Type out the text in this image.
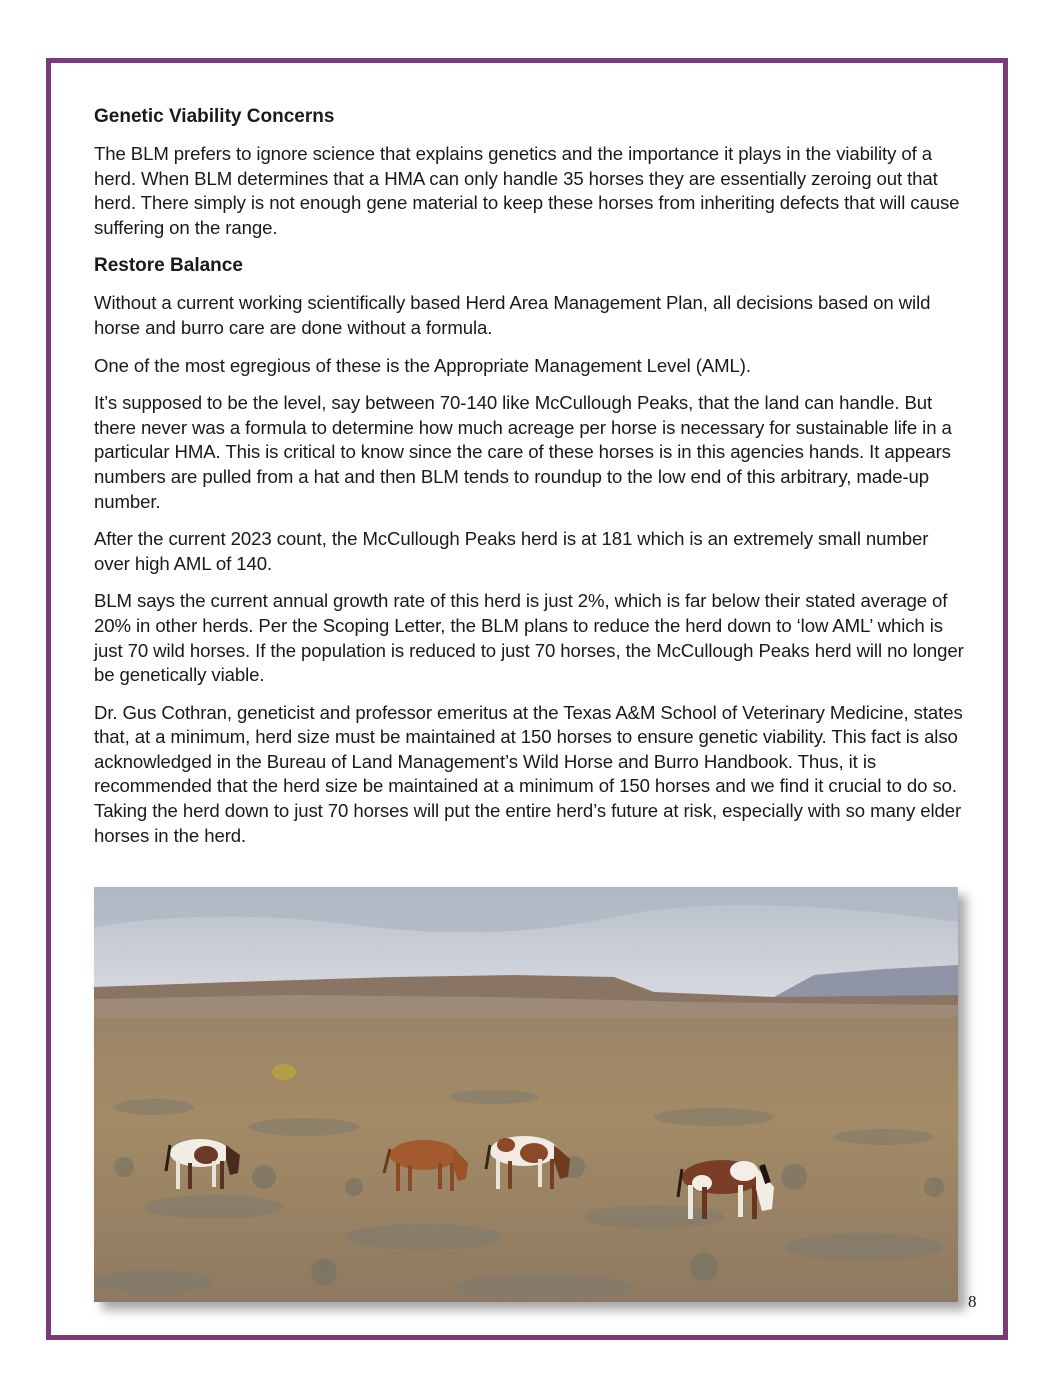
Genetic Viability Concerns

The BLM prefers to ignore science that explains genetics and the importance it plays in the viability of a herd. When BLM determines that a HMA can only handle 35 horses they are essentially zeroing out that herd. There simply is not enough gene material to keep these horses from inheriting defects that will cause suffering on the range.

Restore Balance

Without a current working scientifically based Herd Area Management Plan, all decisions based on wild horse and burro care are done without a formula.

One of the most egregious of these is the Appropriate Management Level (AML).

It’s supposed to be the level, say between 70-140 like McCullough Peaks, that the land can handle. But there never was a formula to determine how much acreage per horse is necessary for sustainable life in a particular HMA. This is critical to know since the care of these horses is in this agencies hands. It appears numbers are pulled from a hat and then BLM tends to roundup to the low end of this arbitrary, made-up number.

After the current 2023 count, the McCullough Peaks herd is at 181 which is an extremely small number over high AML of 140.

BLM says the current annual growth rate of this herd is just 2%, which is far below their stated average of 20% in other herds. Per the Scoping Letter, the BLM plans to reduce the herd down to ‘low AML’ which is just 70 wild horses. If the population is reduced to just 70 horses, the McCullough Peaks herd will no longer be genetically viable.

Dr. Gus Cothran, geneticist and professor emeritus at the Texas A&M School of Veterinary Medicine, states that, at a minimum, herd size must be maintained at 150 horses to ensure genetic viability. This fact is also acknowledged in the Bureau of Land Management’s Wild Horse and Burro Handbook. Thus, it is recommended that the herd size be maintained at a minimum of 150 horses and we find it crucial to do so. Taking the herd down to just 70 horses will put the entire herd’s future at risk, especially with so many elder horses in the herd.

8
